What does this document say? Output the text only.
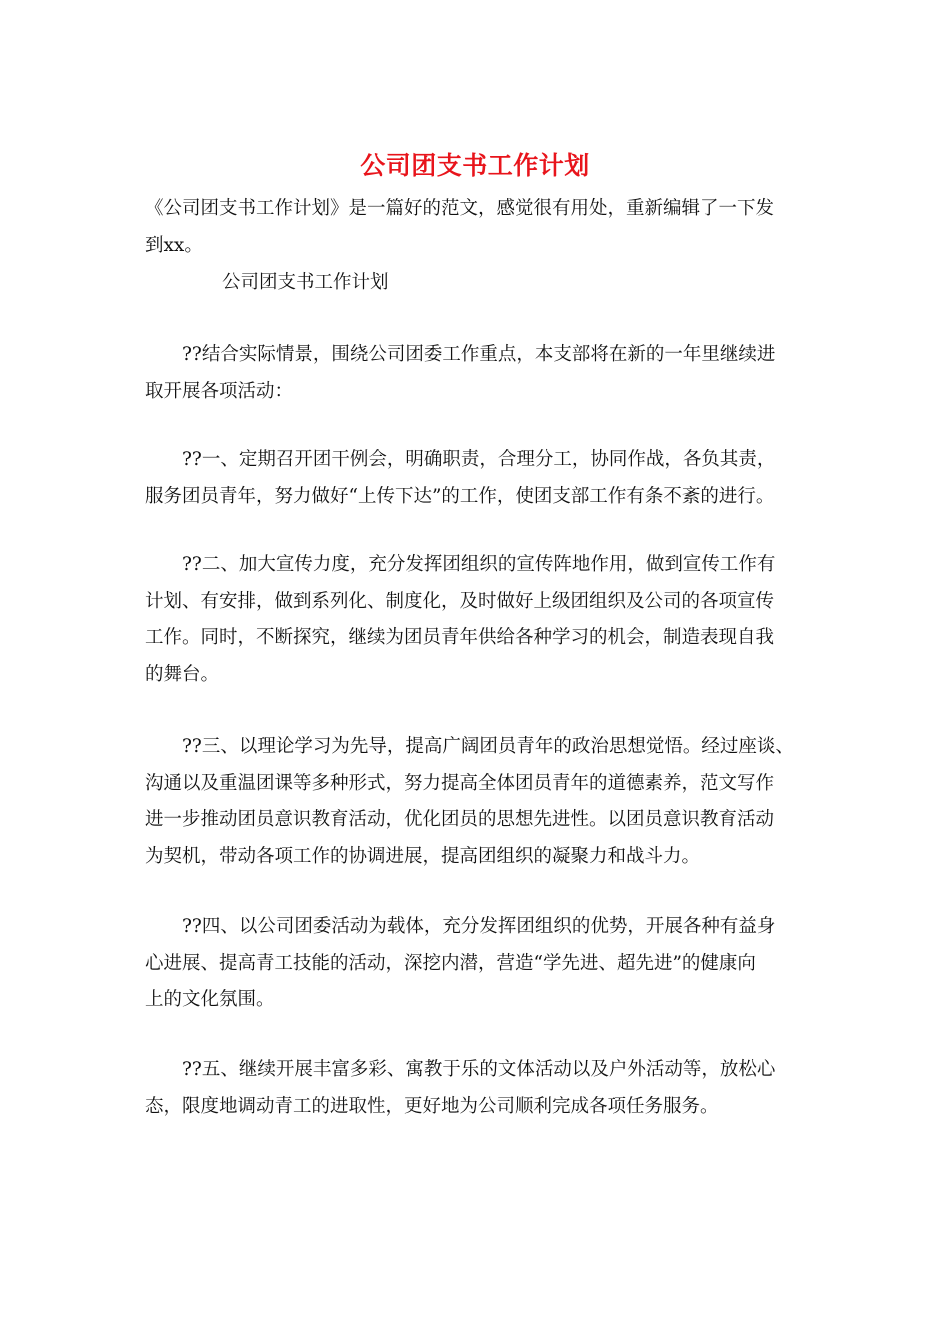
公司团支书工作计划
《公司团支书工作计划》是一篇好的范文，感觉很有用处，重新编辑了一下发
到xx。
公司团支书工作计划
??结合实际情景，围绕公司团委工作重点，本支部将在新的一年里继续进
取开展各项活动：
??一、定期召开团干例会，明确职责，合理分工，协同作战，各负其责，
服务团员青年，努力做好“上传下达”的工作，使团支部工作有条不紊的进行。
??二、加大宣传力度，充分发挥团组织的宣传阵地作用，做到宣传工作有
计划、有安排，做到系列化、制度化，及时做好上级团组织及公司的各项宣传
工作。同时，不断探究，继续为团员青年供给各种学习的机会，制造表现自我
的舞台。
??三、以理论学习为先导，提高广阔团员青年的政治思想觉悟。经过座谈、
沟通以及重温团课等多种形式，努力提高全体团员青年的道德素养，范文写作
进一步推动团员意识教育活动，优化团员的思想先进性。以团员意识教育活动
为契机，带动各项工作的协调进展，提高团组织的凝聚力和战斗力。
??四、以公司团委活动为载体，充分发挥团组织的优势，开展各种有益身
心进展、提高青工技能的活动，深挖内潜，营造“学先进、超先进”的健康向
上的文化氛围。
??五、继续开展丰富多彩、寓教于乐的文体活动以及户外活动等，放松心
态，限度地调动青工的进取性，更好地为公司顺利完成各项任务服务。
